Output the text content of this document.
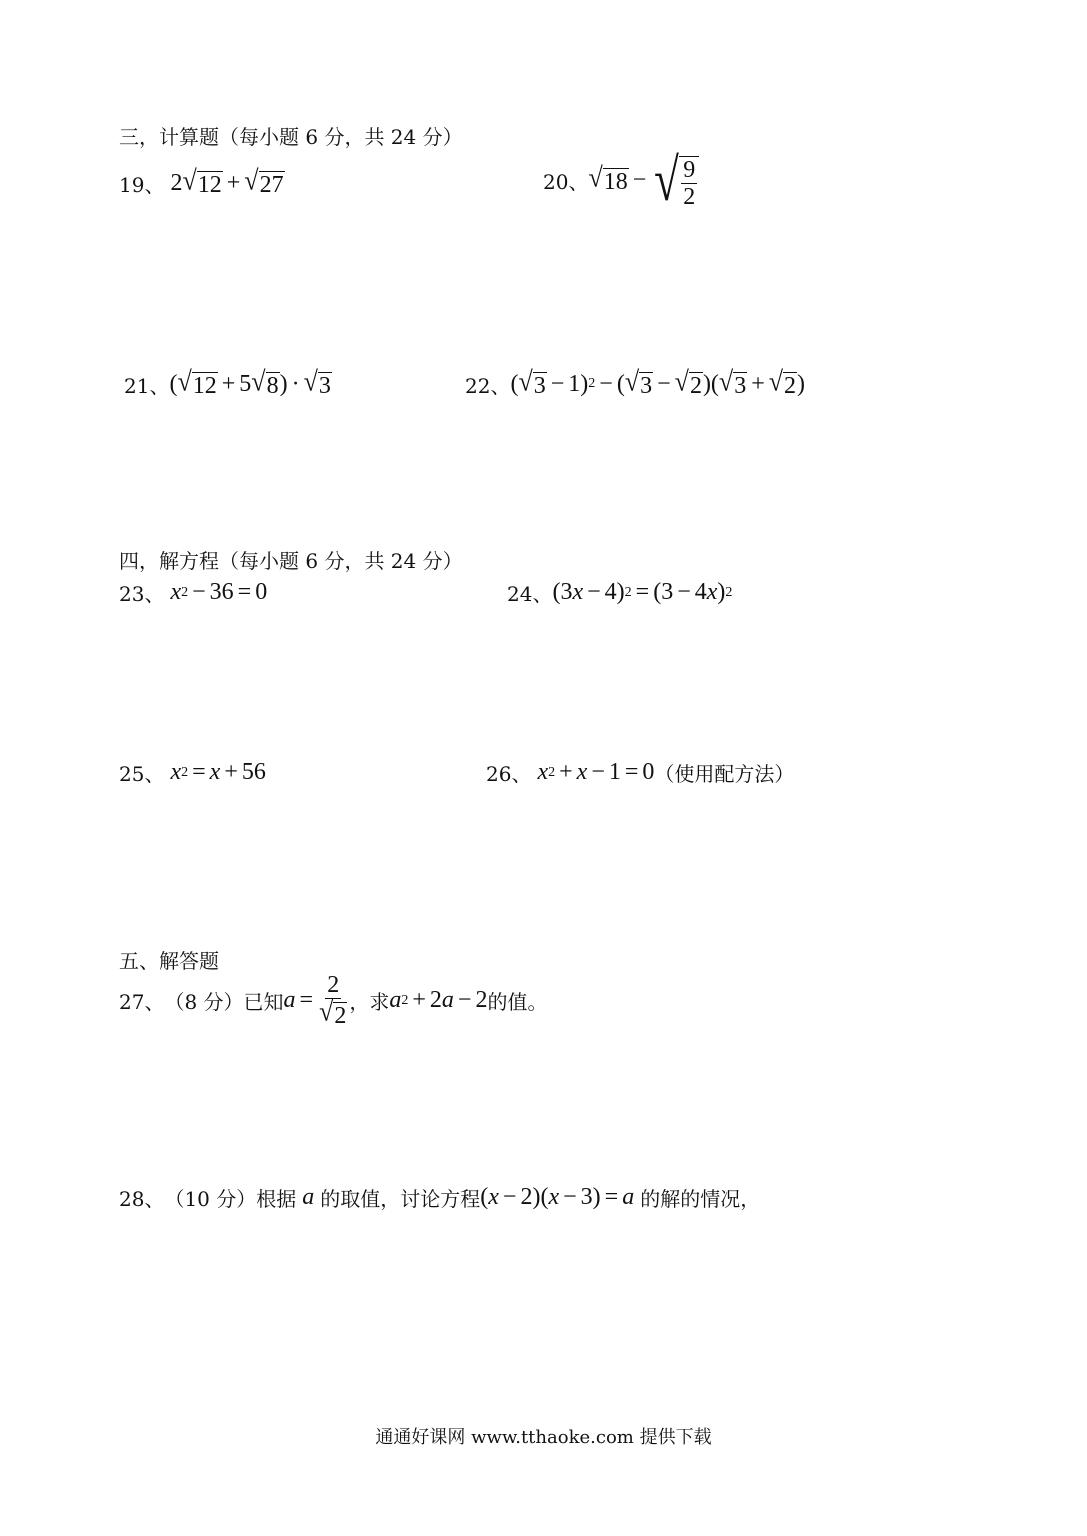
三，计算题（每小题 6 分，共 24 分）
19、 2 √ 12 + √ 27	20、 √ 18 − √ $\frac{9}{2}$
21、 ( √ 12 + 5 √ 8 ) · √ 3	22、 ( √ 3 − 1) 2 − ( √ 3 − √ 2 )( √ 3 + √ 2 )
四，解方程（每小题 6 分，共 24 分）
23、
x 2 − 36 = 0	24、 (3 x − 4) 2 = (3 − 4 x ) 2
25、
x 2 = x + 56	26、
x 2 + x − 1 = 0 （使用配方法）
五、解答题
27、 （8 分）已知 $a = \frac{2}{√ 2}$ ，求 a 2 + 2 a − 2 的值。
28、 （10 分）根据
a
的取值，讨论方程 ( x − 2)( x − 3) = a
的解的情况，
通通好课网 www.tthaoke.com 提供下载
